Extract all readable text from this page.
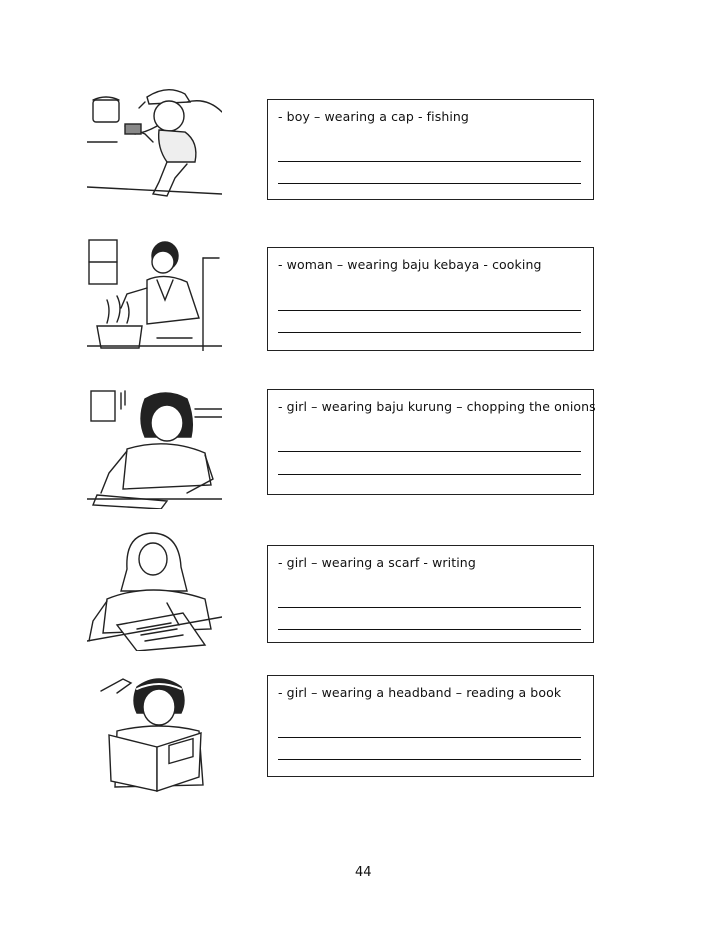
- boy – wearing a cap - fishing
- woman – wearing baju kebaya - cooking
- girl – wearing baju kurung – chopping the onions
- girl – wearing a scarf - writing
- girl – wearing a headband – reading a book
44
